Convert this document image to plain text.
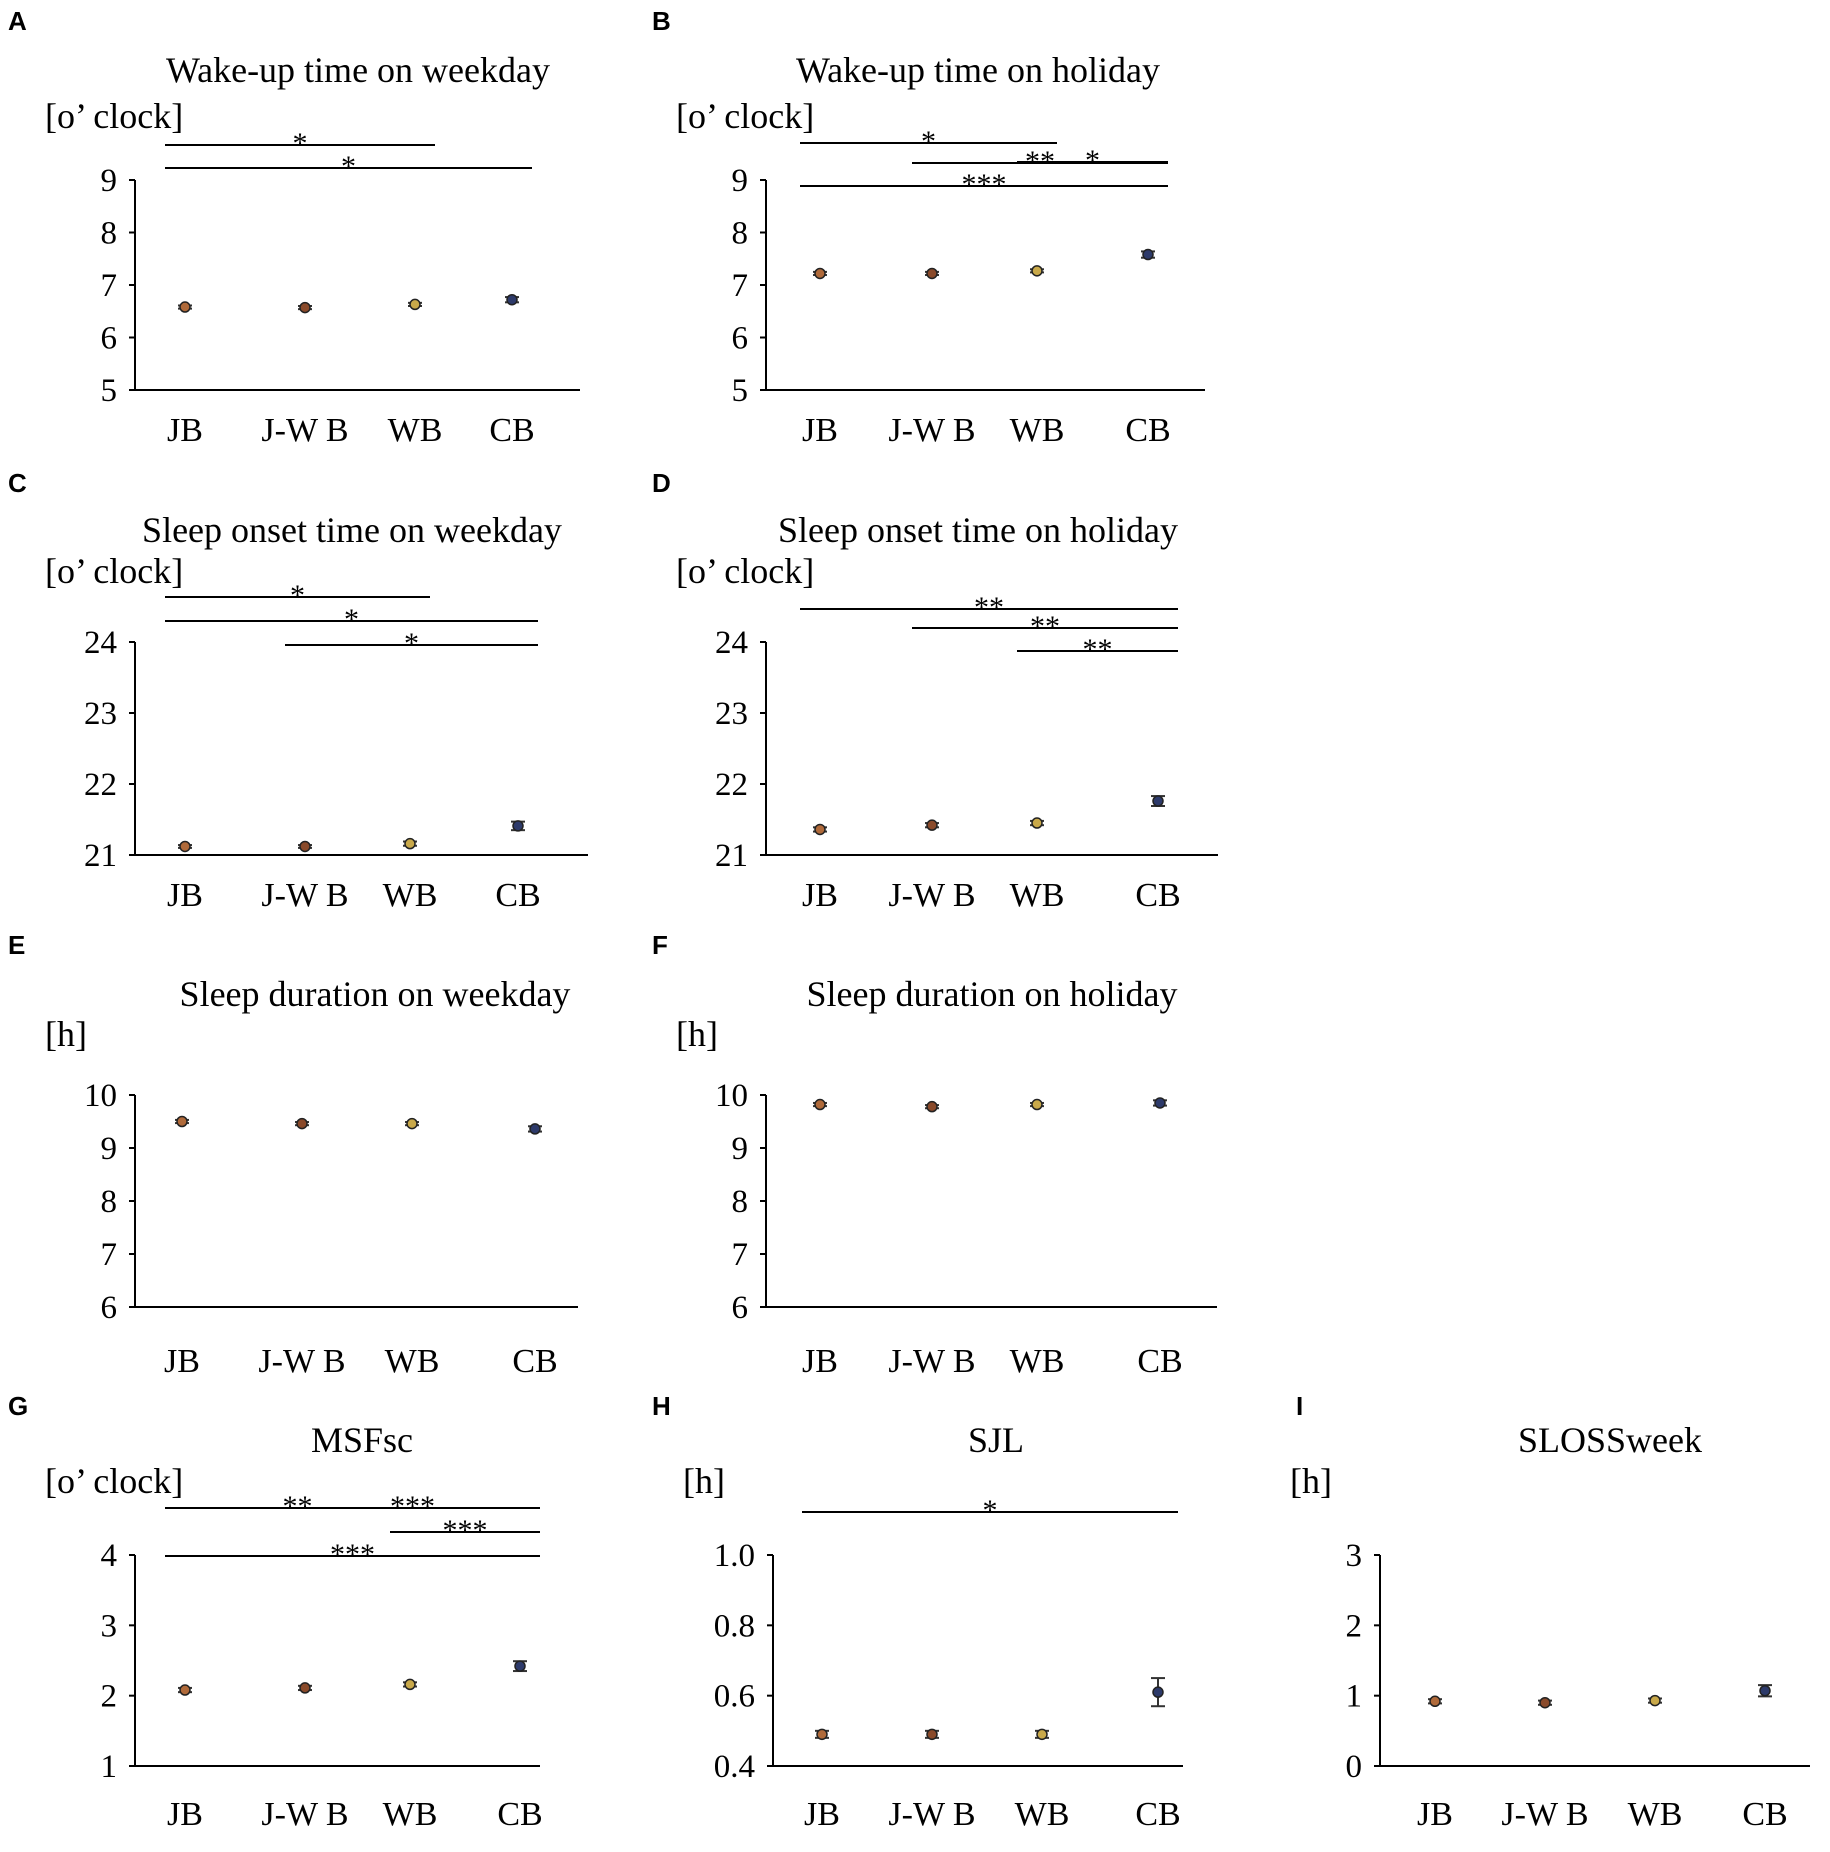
A
Wake-up time on weekday
[o’ clock]
5
6
7
8
9
JB J-W B WB CB
*
*
B
Wake-up time on holiday
[o’ clock]
5
6
7
8
9
JB J-W B WB CB
*
*
***
**
C
Sleep onset time on weekday
[o’ clock]
21
22
23
24
JB J-W B WB CB
*
*
*
D
Sleep onset time on holiday
[o’ clock]
21
22
23
24
JB J-W B WB CB
**
**
**
E
Sleep duration on weekday
[h]
6
7
8
9
10
JB J-W B WB CB
F
Sleep duration on holiday
[h]
6
7
8
9
10
JB J-W B WB CB
G
MSFsc
[o’ clock]
1
2
3
4
JB J-W B WB CB
**
***
***
***
H
SJL
[h]
0.4
0.6
0.8
1.0
JB J-W B WB CB
*
I
SLOSSweek
[h]
0
1
2
3
JB J-W B WB CB
